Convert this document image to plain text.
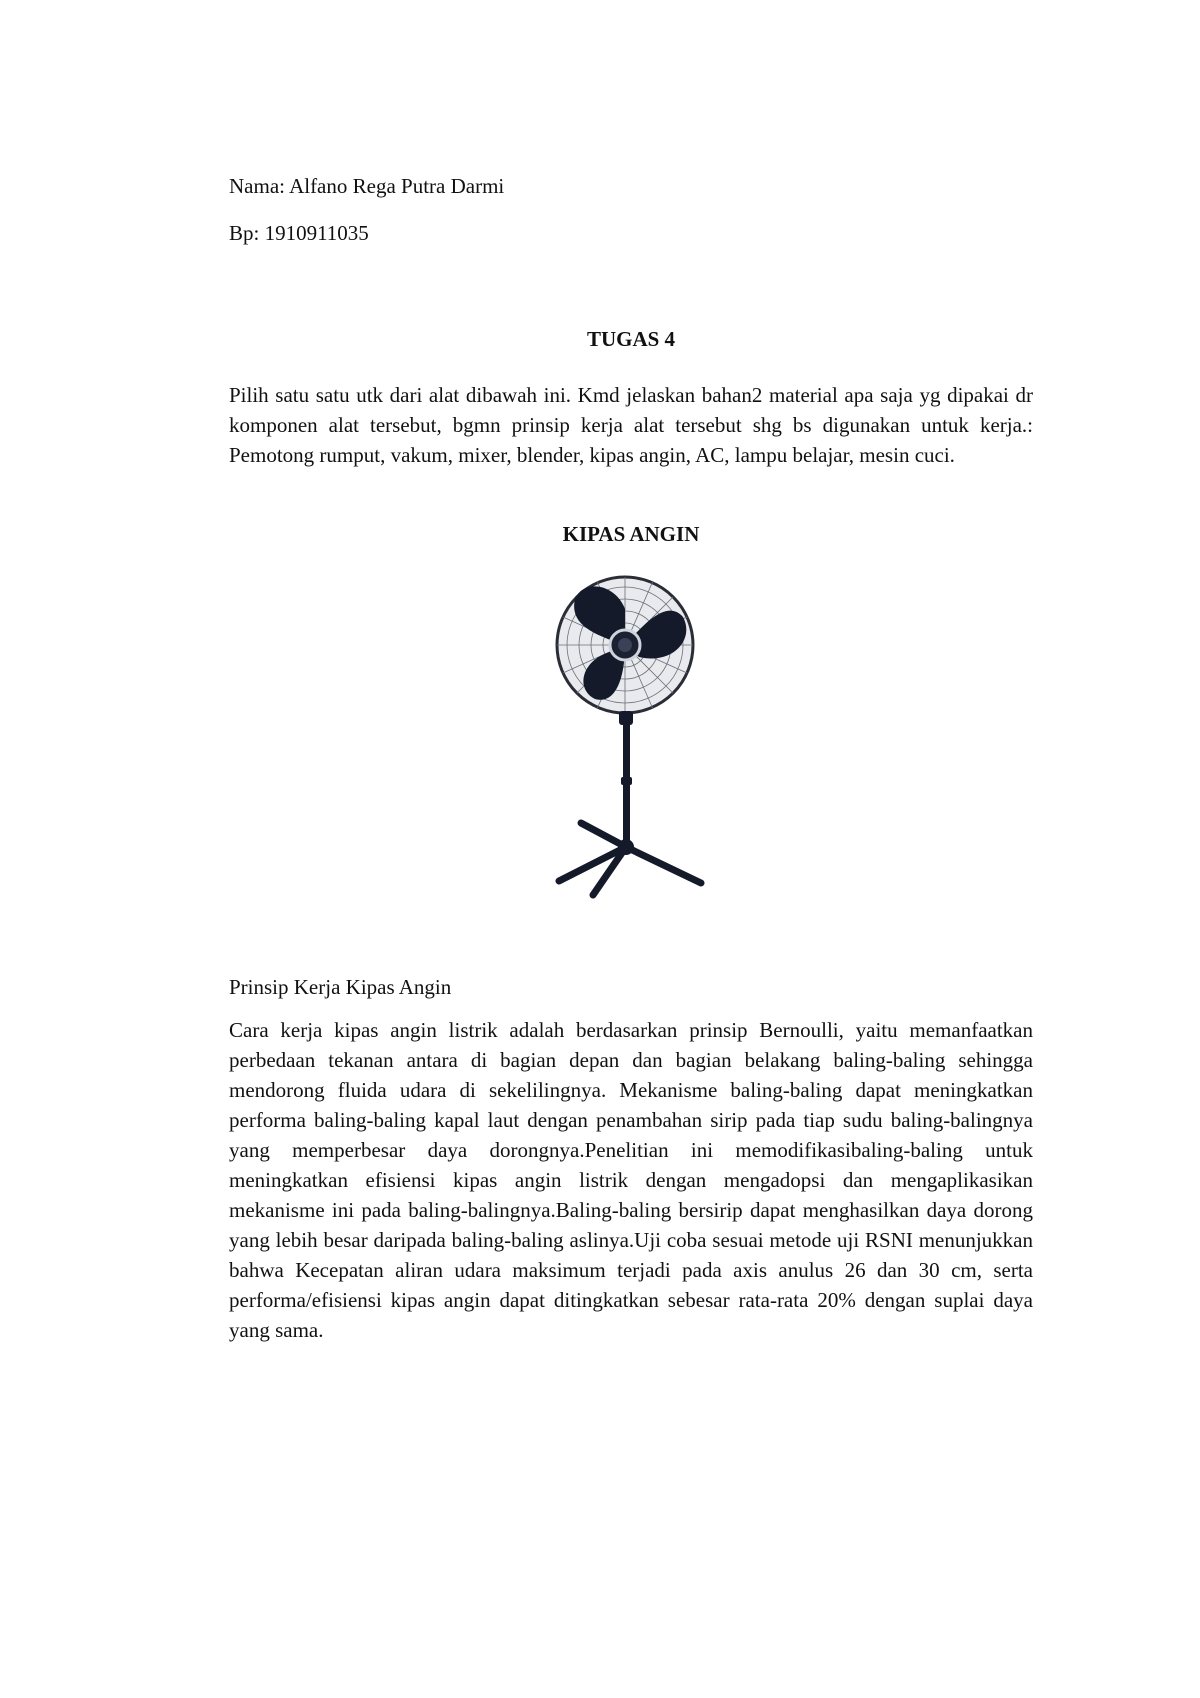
Nama: Alfano Rega Putra Darmi
Bp: 1910911035
TUGAS 4

Pilih satu satu utk dari alat dibawah ini. Kmd jelaskan bahan2 material apa saja yg dipakai dr komponen alat tersebut, bgmn prinsip kerja alat tersebut shg bs digunakan untuk kerja.: Pemotong rumput, vakum, mixer, blender, kipas angin, AC, lampu belajar, mesin cuci.

KIPAS ANGIN
Prinsip Kerja Kipas Angin

Cara kerja kipas angin listrik adalah berdasarkan prinsip Bernoulli, yaitu memanfaatkan perbedaan tekanan antara di bagian depan dan bagian belakang baling-baling sehingga mendorong fluida udara di sekelilingnya. Mekanisme baling-baling dapat meningkatkan performa baling-baling kapal laut dengan penambahan sirip pada tiap sudu baling-balingnya yang memperbesar daya dorongnya.Penelitian ini memodifikasibaling-baling untuk meningkatkan efisiensi kipas angin listrik dengan mengadopsi dan mengaplikasikan mekanisme ini pada baling-balingnya.Baling-baling bersirip dapat menghasilkan daya dorong yang lebih besar daripada baling-baling aslinya.Uji coba sesuai metode uji RSNI menunjukkan bahwa Kecepatan aliran udara maksimum terjadi pada axis anulus 26 dan 30 cm, serta performa/efisiensi kipas angin dapat ditingkatkan sebesar rata-rata 20% dengan suplai daya yang sama.
